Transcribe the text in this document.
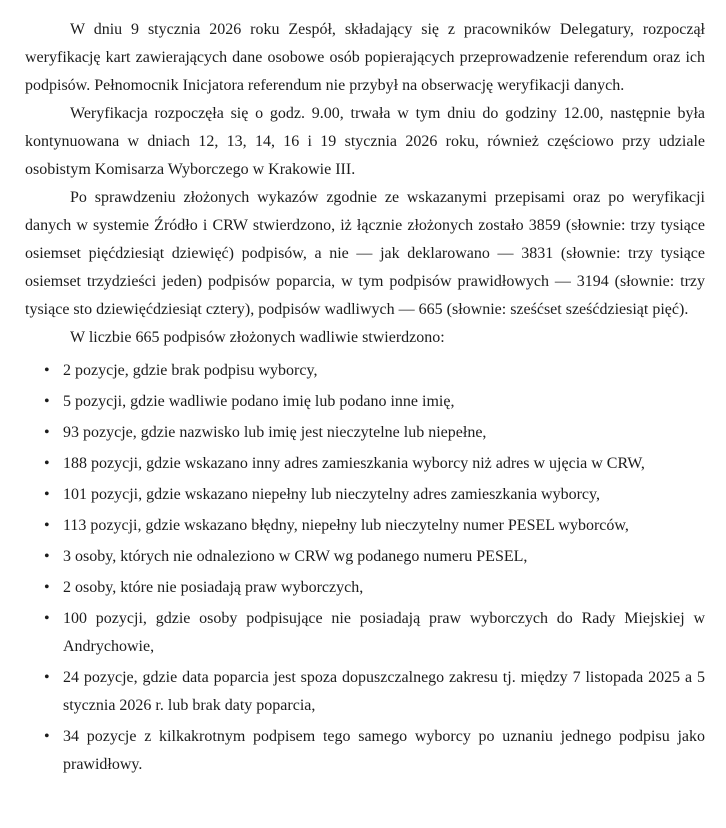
W dniu 9 stycznia 2026 roku Zespół, składający się z pracowników Delegatury, rozpoczął weryfikację kart zawierających dane osobowe osób popierających przeprowadzenie referendum oraz ich podpisów. Pełnomocnik Inicjatora referendum nie przybył na obserwację weryfikacji danych.

Weryfikacja rozpoczęła się o godz. 9.00, trwała w tym dniu do godziny 12.00, następnie była kontynuowana w dniach 12, 13, 14, 16 i 19 stycznia 2026 roku, również częściowo przy udziale osobistym Komisarza Wyborczego w Krakowie III.

Po sprawdzeniu złożonych wykazów zgodnie ze wskazanymi przepisami oraz po weryfikacji danych w systemie Źródło i CRW stwierdzono, iż łącznie złożonych zostało 3859 (słownie: trzy tysiące osiemset pięćdziesiąt dziewięć) podpisów, a nie — jak deklarowano — 3831 (słownie: trzy tysiące osiemset trzydzieści jeden) podpisów poparcia, w tym podpisów prawidłowych — 3194 (słownie: trzy tysiące sto dziewięćdziesiąt cztery), podpisów wadliwych — 665 (słownie: sześćset sześćdziesiąt pięć).

W liczbie 665 podpisów złożonych wadliwie stwierdzono:

• 2 pozycje, gdzie brak podpisu wyborcy,
• 5 pozycji, gdzie wadliwie podano imię lub podano inne imię,
• 93 pozycje, gdzie nazwisko lub imię jest nieczytelne lub niepełne,
• 188 pozycji, gdzie wskazano inny adres zamieszkania wyborcy niż adres w ujęcia w CRW,
• 101 pozycji, gdzie wskazano niepełny lub nieczytelny adres zamieszkania wyborcy,
• 113 pozycji, gdzie wskazano błędny, niepełny lub nieczytelny numer PESEL wyborców,
• 3 osoby, których nie odnaleziono w CRW wg podanego numeru PESEL,
• 2 osoby, które nie posiadają praw wyborczych,
• 100 pozycji, gdzie osoby podpisujące nie posiadają praw wyborczych do Rady Miejskiej w Andrychowie,
• 24 pozycje, gdzie data poparcia jest spoza dopuszczalnego zakresu tj. między 7 listopada 2025 a 5 stycznia 2026 r. lub brak daty poparcia,
• 34 pozycje z kilkakrotnym podpisem tego samego wyborcy po uznaniu jednego podpisu jako prawidłowy.
